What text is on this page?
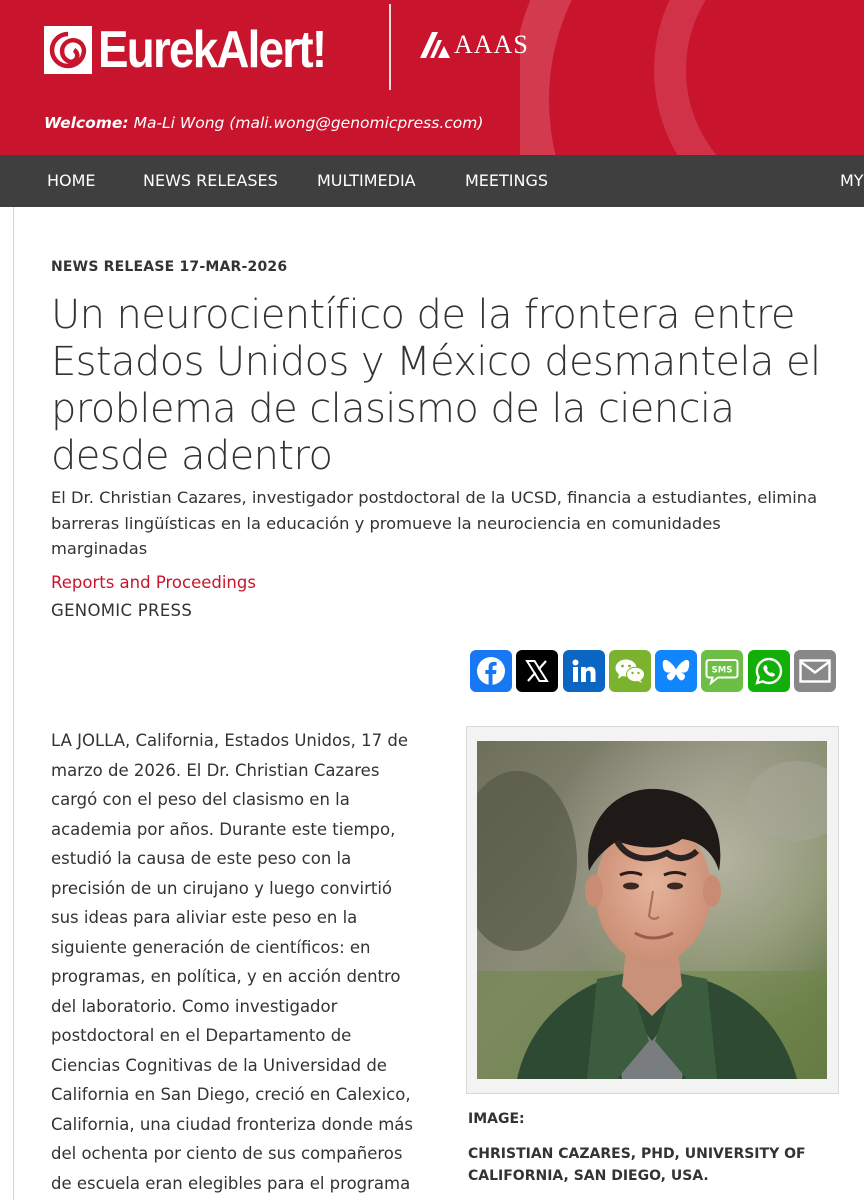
EurekAlert!	AAAS
Welcome: Ma-Li Wong (mali.wong@genomicpress.com)
HOME	NEWS RELEASES MULTIMEDIA	MEETINGS	MY
NEWS RELEASE 17-MAR-2026
Un neurocientífico de la frontera entre
Estados Unidos y México desmantela el
problema de clasismo de la ciencia
desde adentro
El Dr. Christian Cazares, investigador postdoctoral de la UCSD, financia a estudiantes, elimina
barreras lingüísticas en la educación y promueve la neurociencia en comunidades
marginadas
Reports and Proceedings
GENOMIC PRESS
SMS
LA JOLLA, California, Estados Unidos, 17 de
marzo de 2026. El Dr. Christian Cazares
cargó con el peso del clasismo en la
academia por años. Durante este tiempo,
estudió la causa de este peso con la
precisión de un cirujano y luego convirtió
sus ideas para aliviar este peso en la
siguiente generación de científicos: en
programas, en política, y en acción dentro
del laboratorio. Como investigador
postdoctoral en el Departamento de
Ciencias Cognitivas de la Universidad de
California en San Diego, creció en Calexico,
California, una ciudad fronteriza donde más
del ochenta por ciento de sus compañeros
de escuela eran elegibles para el programa
IMAGE:
CHRISTIAN CAZARES, PHD, UNIVERSITY OF
CALIFORNIA, SAN DIEGO, USA.
